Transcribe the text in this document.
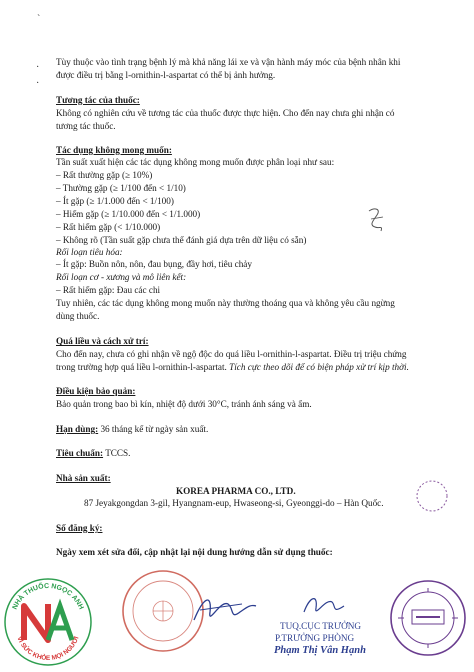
`
·
·
Tùy thuộc vào tình trạng bệnh lý mà khả năng lái xe và vận hành máy móc của bệnh nhân khi
được điều trị bằng l-ornithin-l-aspartat có thể bị ảnh hưởng.
Tương tác của thuốc:
Không có nghiên cứu về tương tác của thuốc được thực hiện. Cho đến nay chưa ghi nhận có
tương tác thuốc.
Tác dụng không mong muốn:
Tần suất xuất hiện các tác dụng không mong muốn được phân loại như sau:
– Rất thường gặp (≥ 10%)
– Thường gặp (≥ 1/100 đến < 1/10)
– Ít gặp (≥ 1/1.000 đến < 1/100)
– Hiếm gặp (≥ 1/10.000 đến < 1/1.000)
– Rất hiếm gặp (< 1/10.000)
– Không rõ (Tần suất gặp chưa thể đánh giá dựa trên dữ liệu có sẵn)
Rối loạn tiêu hóa:
– Ít gặp: Buồn nôn, nôn, đau bụng, đầy hơi, tiêu chảy
Rối loạn cơ - xương và mô liên kết:
– Rất hiếm gặp: Đau các chi
Tuy nhiên, các tác dụng không mong muốn này thường thoáng qua và không yêu cầu ngừng
dùng thuốc.
Quá liều và cách xử trí:
Cho đến nay, chưa có ghi nhận về ngộ độc do quá liều l-ornithin-l-aspartat. Điều trị triệu chứng
trong trường hợp quá liều l-ornithin-l-aspartat. Tích cực theo dõi để có biện pháp xử trí kịp thời.
Điều kiện bảo quản:
Bảo quản trong bao bì kín, nhiệt độ dưới 30°C, tránh ánh sáng và ẩm.
Hạn dùng: 36 tháng kể từ ngày sản xuất.
Tiêu chuẩn: TCCS.
Nhà sản xuất:
KOREA PHARMA CO., LTD.
87 Jeyakgongdan 3-gil, Hyangnam-eup, Hwaseong-si, Gyeonggi-do – Hàn Quốc.
Số đăng ký:
Ngày xem xét sửa đổi, cập nhật lại nội dung hướng dẫn sử dụng thuốc:
NHÀ THUỐC NGỌC ANH
VÌ SỨC KHỎE MỌI NGƯỜI
TUQ.CỤC TRƯỞNG
P.TRƯỞNG PHÒNG
Phạm Thị Vân Hạnh
